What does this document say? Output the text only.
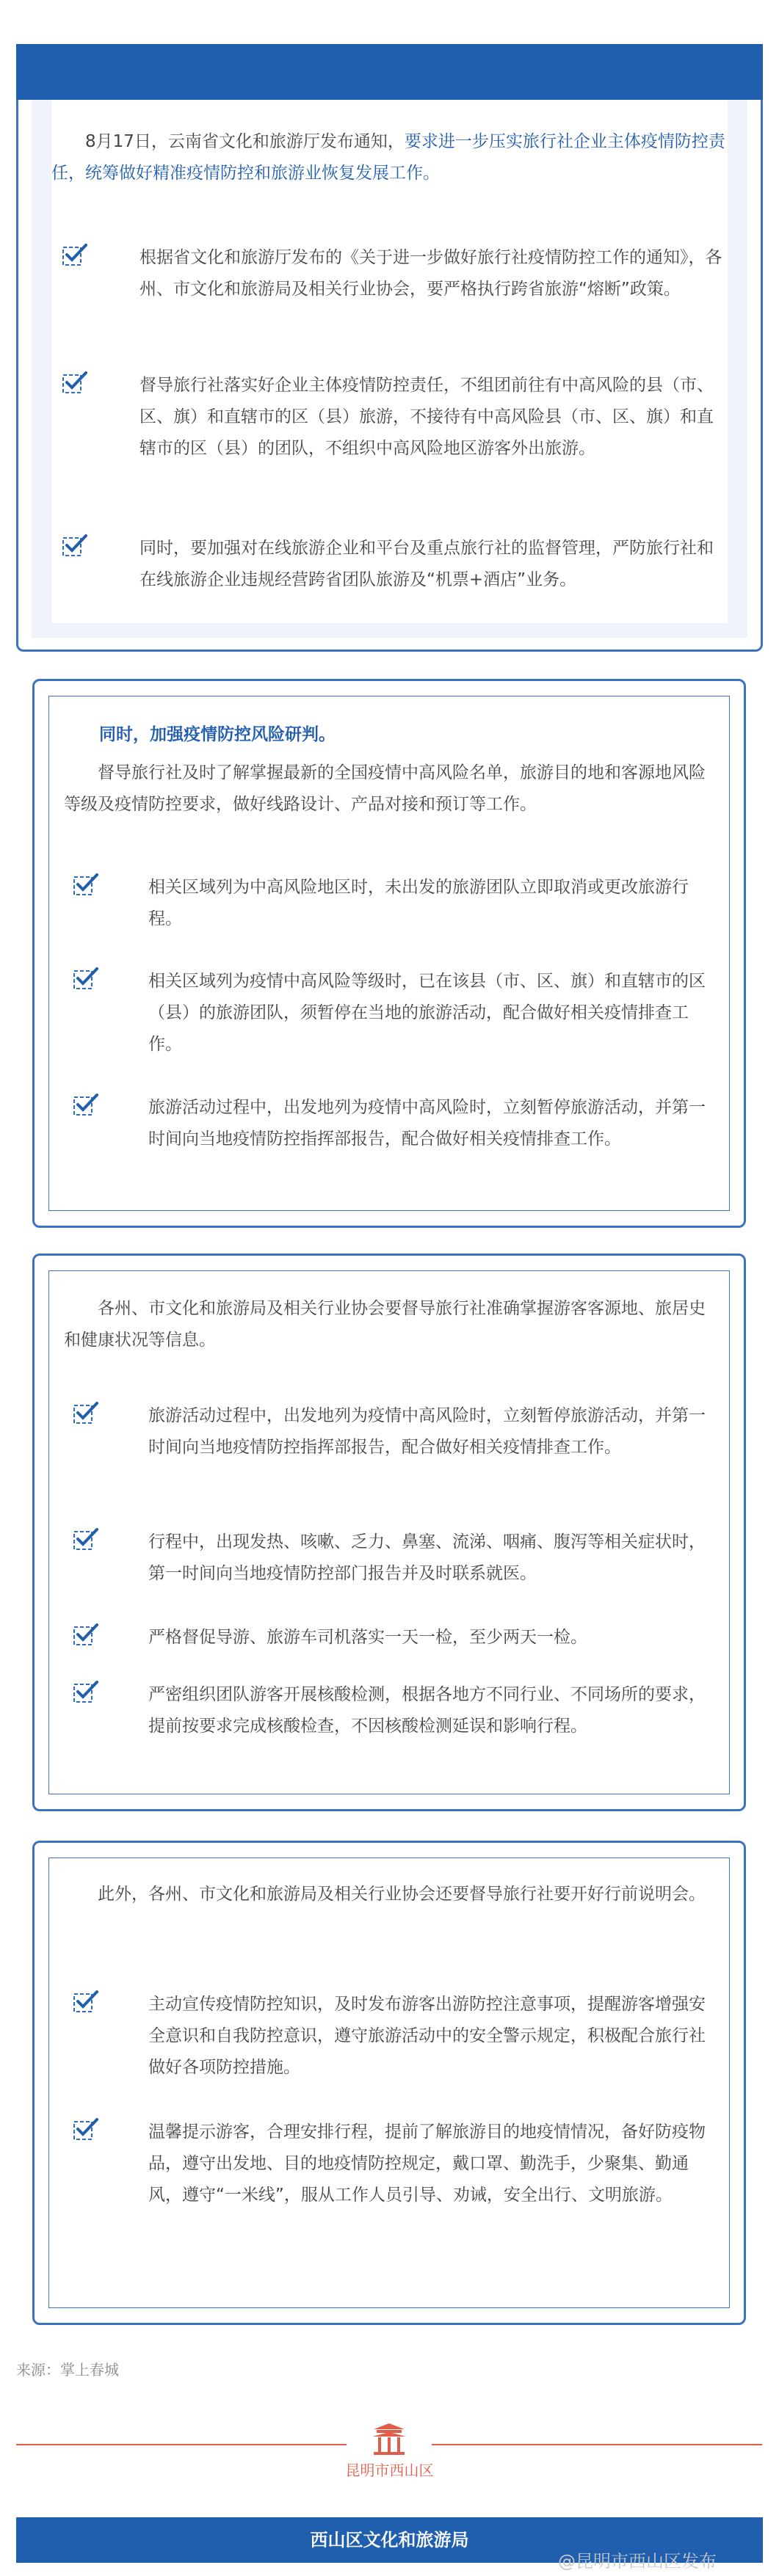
8月17日，云南省文化和旅游厅发布通知，要求进一步压实旅行社企业主体疫情防控责任，统筹做好精准疫情防控和旅游业恢复发展工作。

根据省文化和旅游厅发布的《关于进一步做好旅行社疫情防控工作的通知》，各州、市文化和旅游局及相关行业协会，要严格执行跨省旅游“熔断”政策。

督导旅行社落实好企业主体疫情防控责任，不组团前往有中高风险的县（市、区、旗）和直辖市的区（县）旅游，不接待有中高风险县（市、区、旗）和直辖市的区（县）的团队，不组织中高风险地区游客外出旅游。

同时，要加强对在线旅游企业和平台及重点旅行社的监督管理，严防旅行社和在线旅游企业违规经营跨省团队旅游及“机票+酒店”业务。

同时，加强疫情防控风险研判。

督导旅行社及时了解掌握最新的全国疫情中高风险名单，旅游目的地和客源地风险等级及疫情防控要求，做好线路设计、产品对接和预订等工作。

相关区域列为中高风险地区时，未出发的旅游团队立即取消或更改旅游行程。

相关区域列为疫情中高风险等级时，已在该县（市、区、旗）和直辖市的区（县）的旅游团队，须暂停在当地的旅游活动，配合做好相关疫情排查工作。

旅游活动过程中，出发地列为疫情中高风险时，立刻暂停旅游活动，并第一时间向当地疫情防控指挥部报告，配合做好相关疫情排查工作。

各州、市文化和旅游局及相关行业协会要督导旅行社准确掌握游客客源地、旅居史和健康状况等信息。

旅游活动过程中，出发地列为疫情中高风险时，立刻暂停旅游活动，并第一时间向当地疫情防控指挥部报告，配合做好相关疫情排查工作。

行程中，出现发热、咳嗽、乏力、鼻塞、流涕、咽痛、腹泻等相关症状时，第一时间向当地疫情防控部门报告并及时联系就医。

严格督促导游、旅游车司机落实一天一检，至少两天一检。

严密组织团队游客开展核酸检测，根据各地方不同行业、不同场所的要求，提前按要求完成核酸检查，不因核酸检测延误和影响行程。

此外，各州、市文化和旅游局及相关行业协会还要督导旅行社要开好行前说明会。

主动宣传疫情防控知识，及时发布游客出游防控注意事项，提醒游客增强安全意识和自我防控意识，遵守旅游活动中的安全警示规定，积极配合旅行社做好各项防控措施。

温馨提示游客，合理安排行程，提前了解旅游目的地疫情情况，备好防疫物品，遵守出发地、目的地疫情防控规定，戴口罩、勤洗手，少聚集、勤通风，遵守“一米线”，服从工作人员引导、劝诫，安全出行、文明旅游。

来源：掌上春城
昆明市西山区
西山区文化和旅游局
@昆明市西山区发布
